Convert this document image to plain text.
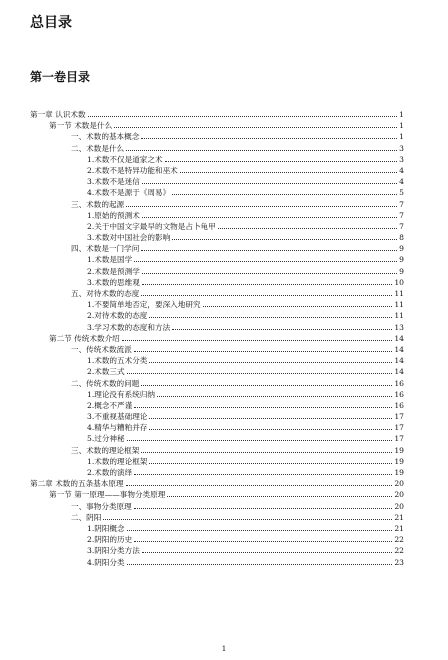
总目录
第一卷目录
第一章 认识术数	1
第一节 术数是什么	1
一、术数的基本概念	1
二、术数是什么	3
1.术数不仅是道家之术	3
2.术数不是特异功能和巫术	4
3.术数不是迷信	4
4.术数不是源于《周易》	5
三、术数的起源	7
1.原始的预测术	7
2.关于中国文字最早的文物是占卜龟甲	7
3.术数对中国社会的影响	8
四、术数是一门学问	9
1.术数是国学	9
2.术数是预测学	9
3.术数的思维观	10
五、对待术数的态度	11
1.不要简单地否定，要深入地研究	11
2.对待术数的态度	11
3.学习术数的态度和方法	13
第二节 传统术数介绍	14
一、传统术数流派	14
1.术数的五术分类	14
2.术数三式	14
二、传统术数的问题	16
1.理论没有系统归纳	16
2.概念不严谨	16
3.不重视基础理论	17
4.精华与糟粕并存	17
5.过分神秘	17
三、术数的理论框架	19
1.术数的理论框架	19
2.术数的演绎	19
第二章 术数的五条基本原理	20
第一节 第一原理——事物分类原理	20
一、事物分类原理	20
二、阴阳	21
1.阴阳概念	21
2.阴阳的历史	22
3.阴阳分类方法	22
4.阴阳分类	23
1
